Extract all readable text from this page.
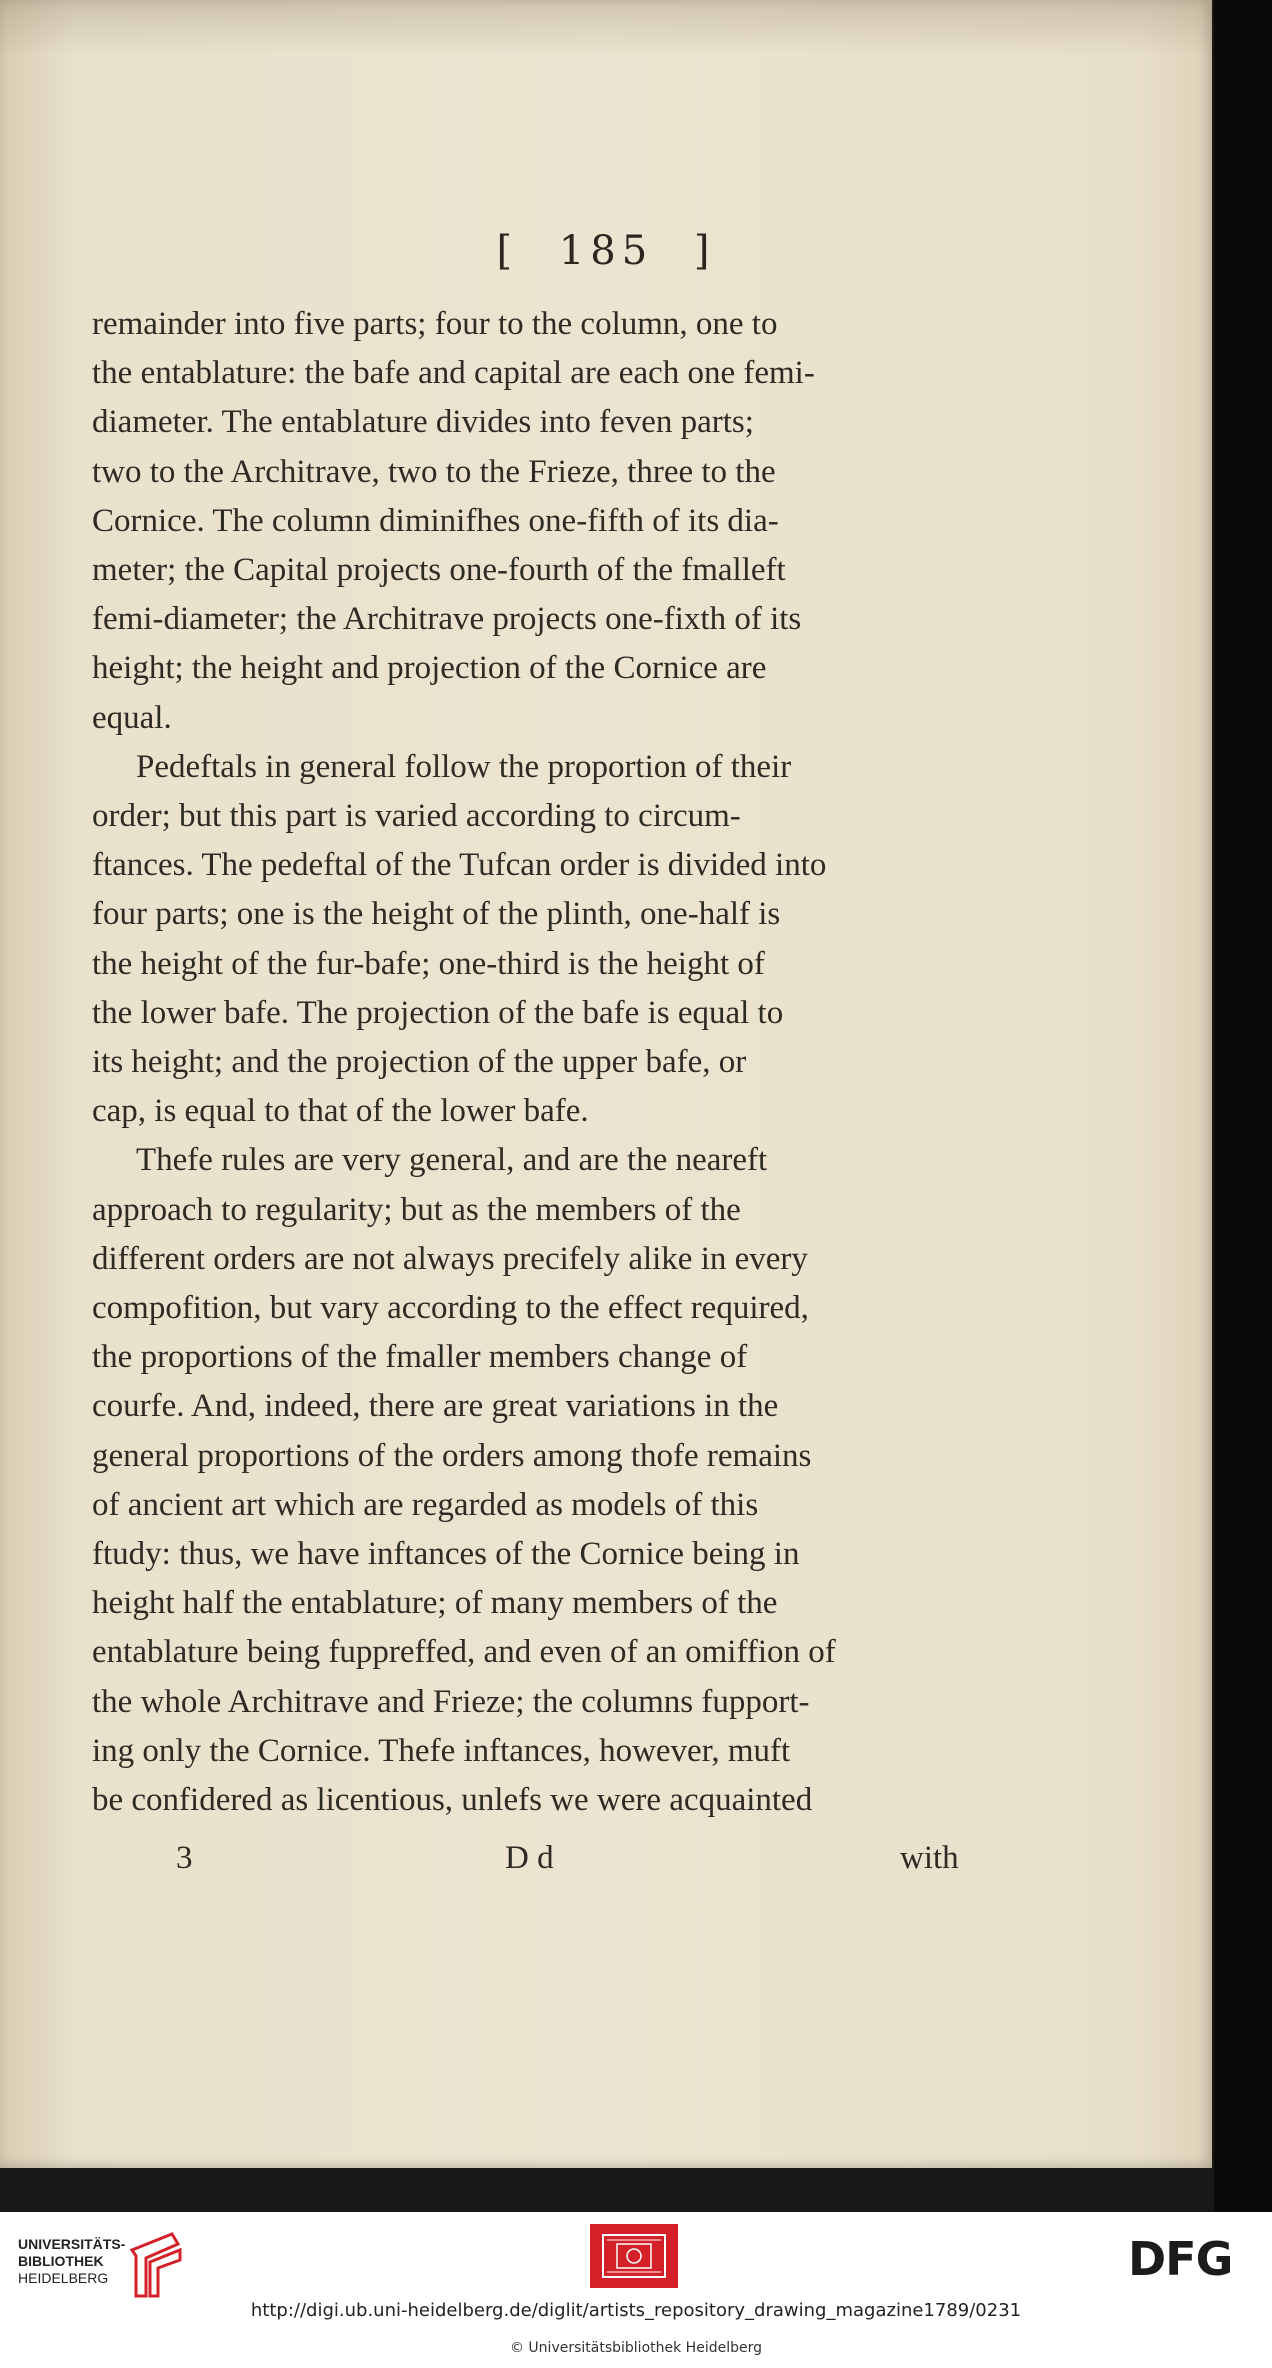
[ 185 ]

remainder into five parts; four to the column, one to

the entablature: the bafe and capital are each one femi-

diameter. The entablature divides into feven parts;

two to the Architrave, two to the Frieze, three to the

Cornice. The column diminifhes one-fifth of its dia-

meter; the Capital projects one-fourth of the fmalleft

femi-diameter; the Architrave projects one-fixth of its

height; the height and projection of the Cornice are

equal.

Pedeftals in general follow the proportion of their

order; but this part is varied according to circum-

ftances. The pedeftal of the Tufcan order is divided into

four parts; one is the height of the plinth, one-half is

the height of the fur-bafe; one-third is the height of

the lower bafe. The projection of the bafe is equal to

its height; and the projection of the upper bafe, or

cap, is equal to that of the lower bafe.

Thefe rules are very general, and are the neareft

approach to regularity; but as the members of the

different orders are not always precifely alike in every

compofition, but vary according to the effect required,

the proportions of the fmaller members change of

courfe. And, indeed, there are great variations in the

general proportions of the orders among thofe remains

of ancient art which are regarded as models of this

ftudy: thus, we have inftances of the Cornice being in

height half the entablature; of many members of the

entablature being fuppreffed, and even of an omiffion of

the whole Architrave and Frieze; the columns fupport-

ing only the Cornice. Thefe inftances, however, muft

be confidered as licentious, unlefs we were acquainted

3	D d	with
UNIVERSITÄTS-
BIBLIOTHEK
HEIDELBERG	DFG
http://digi.ub.uni-heidelberg.de/diglit/artists_repository_drawing_magazine1789/0231
© Universitätsbibliothek Heidelberg
